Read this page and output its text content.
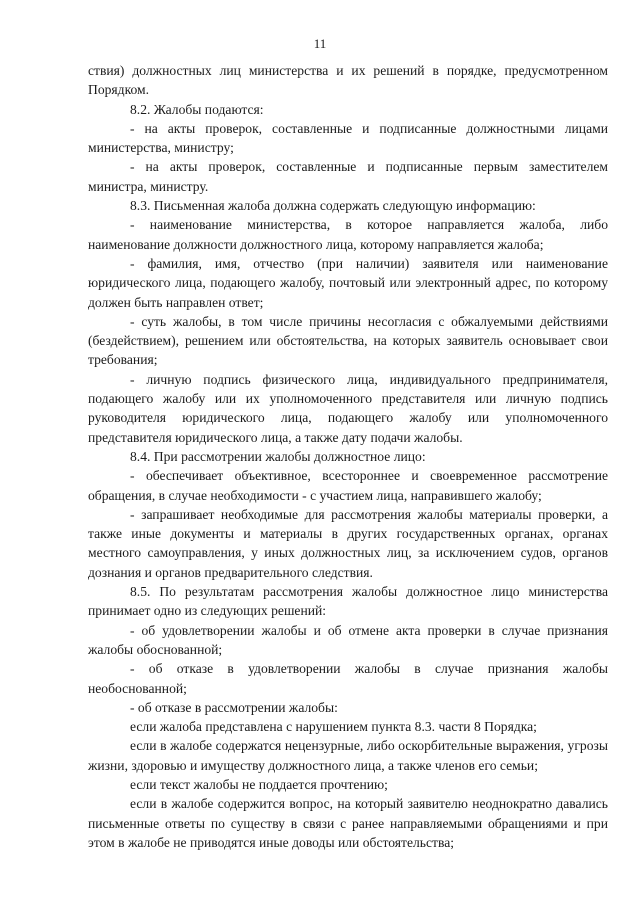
11

ствия) должностных лиц министерства и их решений в порядке, предусмотренном Порядком.

8.2. Жалобы подаются:

- на акты проверок, составленные и подписанные должностными лицами министерства, министру;

- на акты проверок, составленные и подписанные первым заместителем министра, министру.

8.3. Письменная жалоба должна содержать следующую информацию:

- наименование министерства, в которое направляется жалоба, либо наименование должности должностного лица, которому направляется жалоба;

- фамилия, имя, отчество (при наличии) заявителя или наименование юридического лица, подающего жалобу, почтовый или электронный адрес, по которому должен быть направлен ответ;

- суть жалобы, в том числе причины несогласия с обжалуемыми действиями (бездействием), решением или обстоятельства, на которых заявитель основывает свои требования;

- личную подпись физического лица, индивидуального предпринимателя, подающего жалобу или их уполномоченного представителя или личную подпись руководителя юридического лица, подающего жалобу или уполномоченного представителя юридического лица, а также дату подачи жалобы.

8.4. При рассмотрении жалобы должностное лицо:

- обеспечивает объективное, всестороннее и своевременное рассмотрение обращения, в случае необходимости - с участием лица, направившего жалобу;

- запрашивает необходимые для рассмотрения жалобы материалы проверки, а также иные документы и материалы в других государственных органах, органах местного самоуправления, у иных должностных лиц, за исключением судов, органов дознания и органов предварительного следствия.

8.5. По результатам рассмотрения жалобы должностное лицо министерства принимает одно из следующих решений:

- об удовлетворении жалобы и об отмене акта проверки в случае признания жалобы обоснованной;

- об отказе в удовлетворении жалобы в случае признания жалобы необоснованной;

- об отказе в рассмотрении жалобы:

если жалоба представлена с нарушением пункта 8.3. части 8 Порядка;

если в жалобе содержатся нецензурные, либо оскорбительные выражения, угрозы жизни, здоровью и имуществу должностного лица, а также членов его семьи;

если текст жалобы не поддается прочтению;

если в жалобе содержится вопрос, на который заявителю неоднократно давались письменные ответы по существу в связи с ранее направляемыми обращениями и при этом в жалобе не приводятся иные доводы или обстоятельства;
